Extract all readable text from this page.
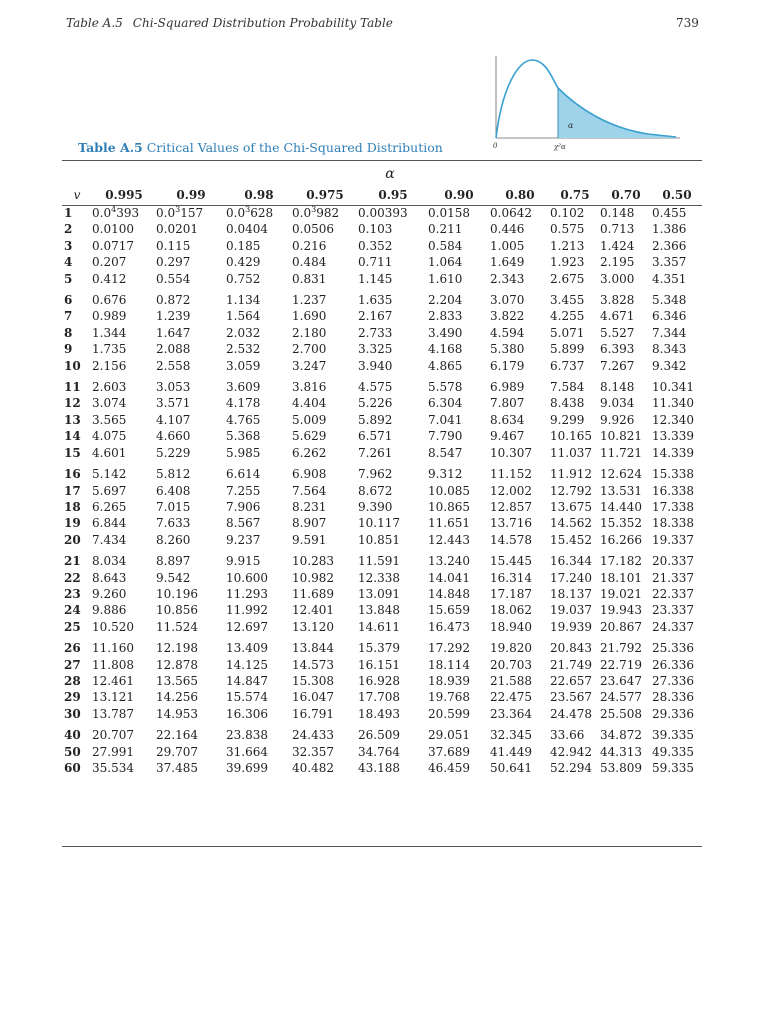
Table A.5 Chi-Squared Distribution Probability Table	739
α
0	χ²α
Table A.5 Critical Values of the Chi-Squared Distribution
α
v	0.995	0.99	0.98	0.975	0.95	0.90	0.80	0.75	0.70	0.50
1	$0.0^4393$	$0.0^3157$	$0.0^3628$	$0.0^3982$	0.00393	0.0158	0.0642	0.102	0.148	0.455
2	0.0100	0.0201	0.0404	0.0506	0.103	0.211	0.446	0.575	0.713	1.386
3	0.0717	0.115	0.185	0.216	0.352	0.584	1.005	1.213	1.424	2.366
4	0.207	0.297	0.429	0.484	0.711	1.064	1.649	1.923	2.195	3.357
5	0.412	0.554	0.752	0.831	1.145	1.610	2.343	2.675	3.000	4.351
6	0.676	0.872	1.134	1.237	1.635	2.204	3.070	3.455	3.828	5.348
7	0.989	1.239	1.564	1.690	2.167	2.833	3.822	4.255	4.671	6.346
8	1.344	1.647	2.032	2.180	2.733	3.490	4.594	5.071	5.527	7.344
9	1.735	2.088	2.532	2.700	3.325	4.168	5.380	5.899	6.393	8.343
10	2.156	2.558	3.059	3.247	3.940	4.865	6.179	6.737	7.267	9.342
11	2.603	3.053	3.609	3.816	4.575	5.578	6.989	7.584	8.148	10.341
12	3.074	3.571	4.178	4.404	5.226	6.304	7.807	8.438	9.034	11.340
13	3.565	4.107	4.765	5.009	5.892	7.041	8.634	9.299	9.926	12.340
14	4.075	4.660	5.368	5.629	6.571	7.790	9.467	10.165	10.821	13.339
15	4.601	5.229	5.985	6.262	7.261	8.547	10.307	11.037	11.721	14.339
16	5.142	5.812	6.614	6.908	7.962	9.312	11.152	11.912	12.624	15.338
17	5.697	6.408	7.255	7.564	8.672	10.085	12.002	12.792	13.531	16.338
18	6.265	7.015	7.906	8.231	9.390	10.865	12.857	13.675	14.440	17.338
19	6.844	7.633	8.567	8.907	10.117	11.651	13.716	14.562	15.352	18.338
20	7.434	8.260	9.237	9.591	10.851	12.443	14.578	15.452	16.266	19.337
21	8.034	8.897	9.915	10.283	11.591	13.240	15.445	16.344	17.182	20.337
22	8.643	9.542	10.600	10.982	12.338	14.041	16.314	17.240	18.101	21.337
23	9.260	10.196	11.293	11.689	13.091	14.848	17.187	18.137	19.021	22.337
24	9.886	10.856	11.992	12.401	13.848	15.659	18.062	19.037	19.943	23.337
25	10.520	11.524	12.697	13.120	14.611	16.473	18.940	19.939	20.867	24.337
26	11.160	12.198	13.409	13.844	15.379	17.292	19.820	20.843	21.792	25.336
27	11.808	12.878	14.125	14.573	16.151	18.114	20.703	21.749	22.719	26.336
28	12.461	13.565	14.847	15.308	16.928	18.939	21.588	22.657	23.647	27.336
29	13.121	14.256	15.574	16.047	17.708	19.768	22.475	23.567	24.577	28.336
30	13.787	14.953	16.306	16.791	18.493	20.599	23.364	24.478	25.508	29.336
40	20.707	22.164	23.838	24.433	26.509	29.051	32.345	33.66	34.872	39.335
50	27.991	29.707	31.664	32.357	34.764	37.689	41.449	42.942	44.313	49.335
60	35.534	37.485	39.699	40.482	43.188	46.459	50.641	52.294	53.809	59.335
